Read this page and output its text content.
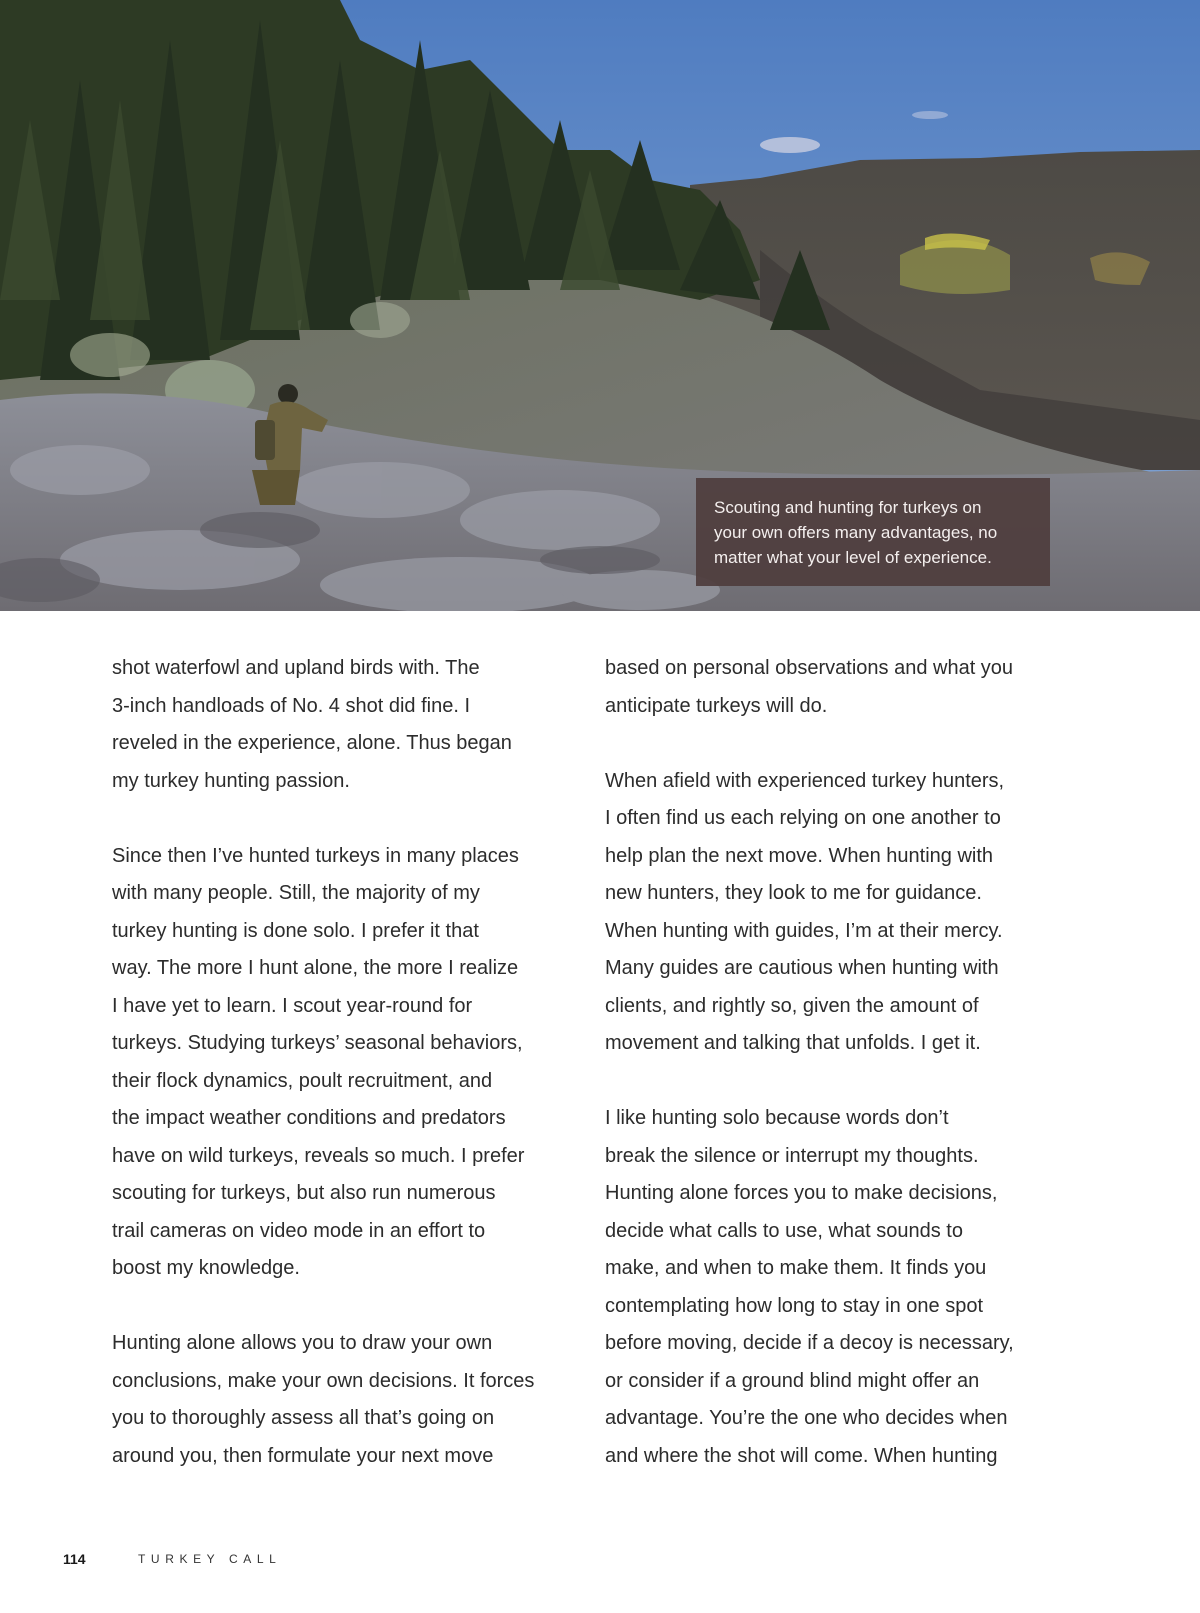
Scouting and hunting for turkeys on
your own offers many advantages, no
matter what your level of experience.

shot waterfowl and upland birds with. The
3-inch handloads of No. 4 shot did fine. I
reveled in the experience, alone. Thus began
my turkey hunting passion.

Since then I’ve hunted turkeys in many places
with many people. Still, the majority of my
turkey hunting is done solo. I prefer it that
way. The more I hunt alone, the more I realize
I have yet to learn. I scout year-round for
turkeys. Studying turkeys’ seasonal behaviors,
their flock dynamics, poult recruitment, and
the impact weather conditions and predators
have on wild turkeys, reveals so much. I prefer
scouting for turkeys, but also run numerous
trail cameras on video mode in an effort to
boost my knowledge.

Hunting alone allows you to draw your own
conclusions, make your own decisions. It forces
you to thoroughly assess all that’s going on
around you, then formulate your next move

based on personal observations and what you
anticipate turkeys will do.

When afield with experienced turkey hunters,
I often find us each relying on one another to
help plan the next move. When hunting with
new hunters, they look to me for guidance.
When hunting with guides, I’m at their mercy.
Many guides are cautious when hunting with
clients, and rightly so, given the amount of
movement and talking that unfolds. I get it.

I like hunting solo because words don’t
break the silence or interrupt my thoughts.
Hunting alone forces you to make decisions,
decide what calls to use, what sounds to
make, and when to make them. It finds you
contemplating how long to stay in one spot
before moving, decide if a decoy is necessary,
or consider if a ground blind might offer an
advantage. You’re the one who decides when
and where the shot will come. When hunting

114	TURKEY CALL
